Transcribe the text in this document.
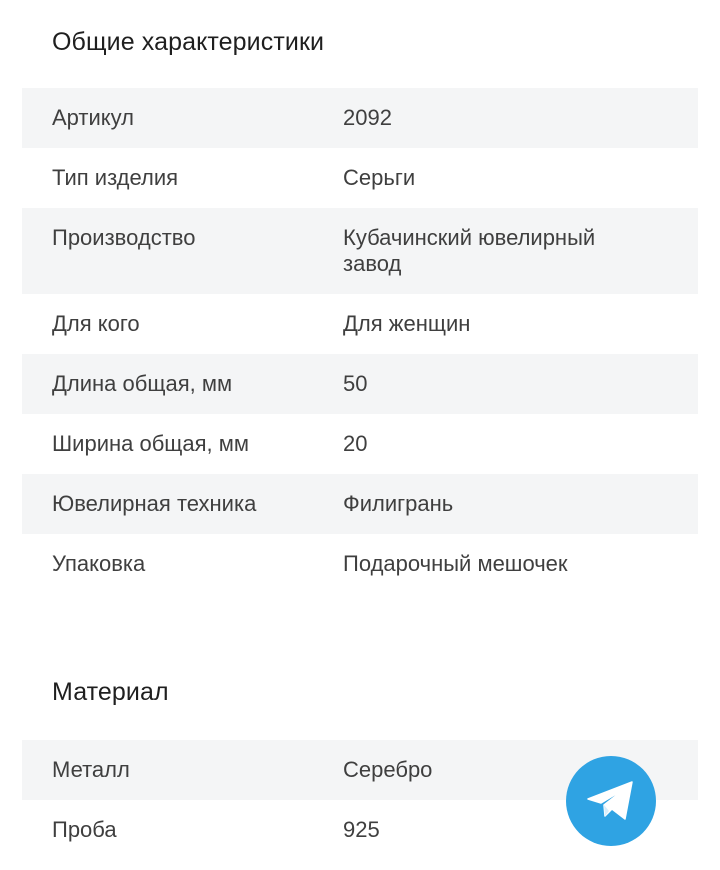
Общие характеристики
Артикул	2092
Тип изделия	Серьги
Производство	Кубачинский ювелирный завод
Для кого	Для женщин
Длина общая, мм	50
Ширина общая, мм	20
Ювелирная техника	Филигрань
Упаковка	Подарочный мешочек
Материал
Металл	Серебро
Проба	925
